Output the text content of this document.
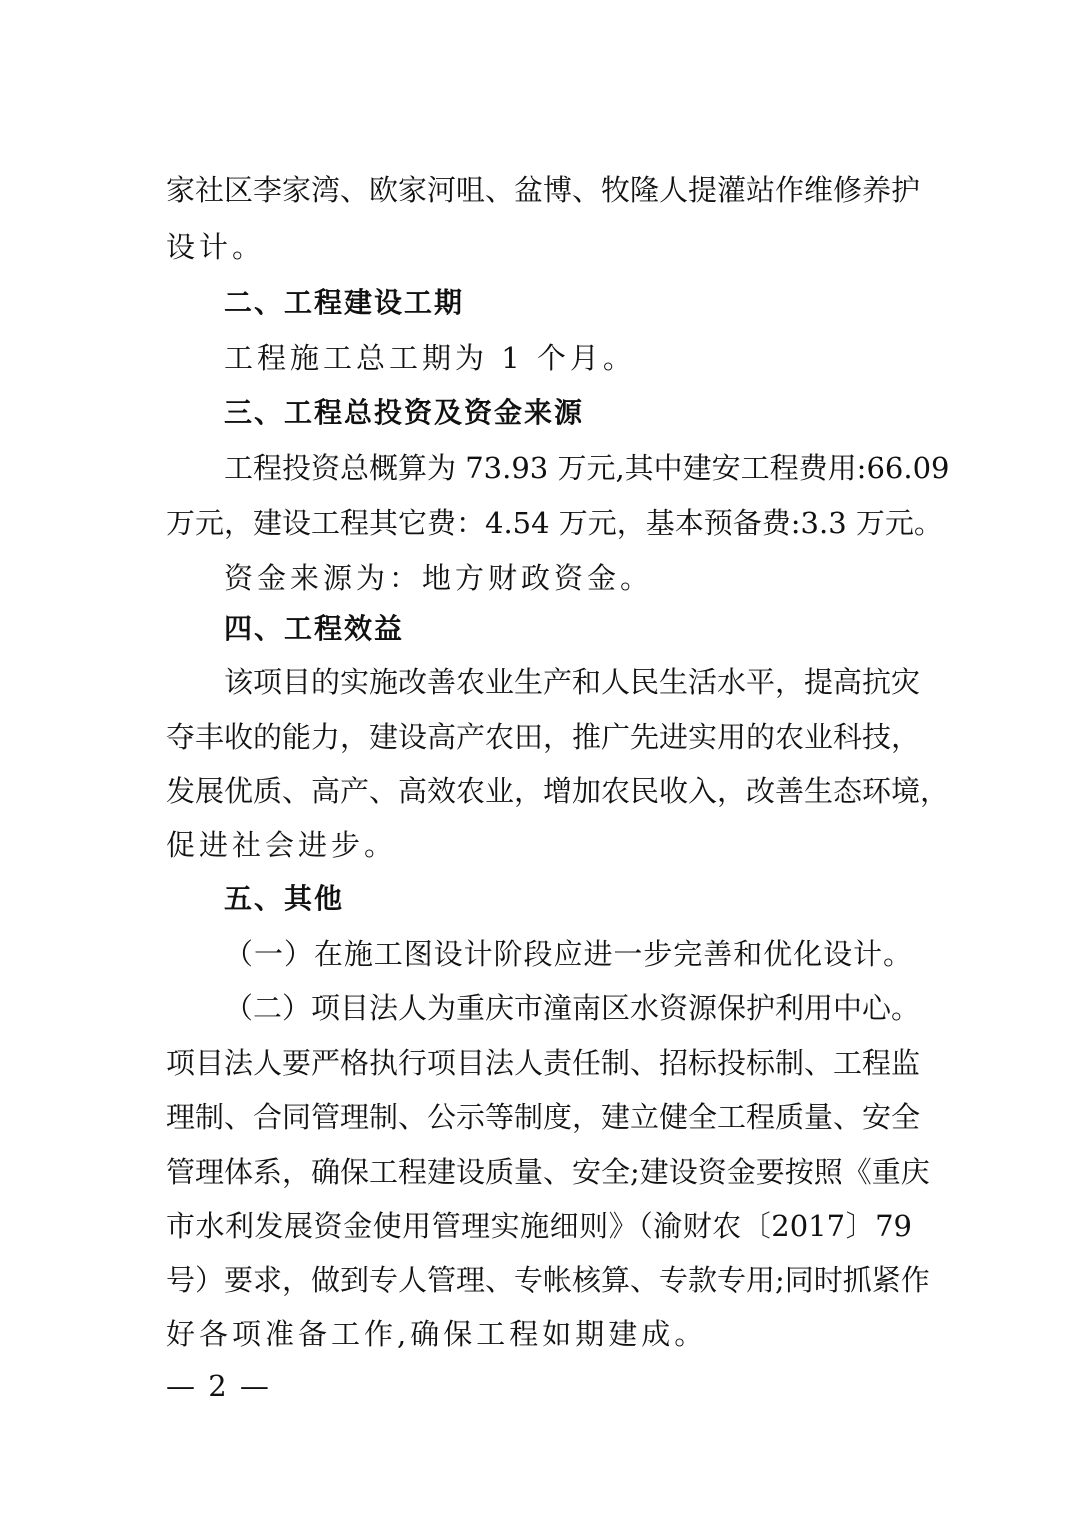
家社区李家湾、欧家河咀、盆博、牧隆人提灌站作维修养护
设计。
二、工程建设工期
工程施工总工期为 1 个月。
三、工程总投资及资金来源
工程投资总概算为 73.93 万元,其中建安工程费用:66.09
万元，建设工程其它费：4.54 万元，基本预备费:3.3 万元。
资金来源为：地方财政资金。
四、工程效益
该项目的实施改善农业生产和人民生活水平，提高抗灾
夺丰收的能力，建设高产农田，推广先进实用的农业科技，
发展优质、高产、高效农业，增加农民收入，改善生态环境，
促进社会进步。
五、其他
（一）在施工图设计阶段应进一步完善和优化设计。
（二）项目法人为重庆市潼南区水资源保护利用中心。
项目法人要严格执行项目法人责任制、招标投标制、工程监
理制、合同管理制、公示等制度，建立健全工程质量、安全
管理体系，确保工程建设质量、安全;建设资金要按照《重庆
市水利发展资金使用管理实施细则》（渝财农〔2017〕79
号）要求，做到专人管理、专帐核算、专款专用;同时抓紧作
好各项准备工作,确保工程如期建成。
— 2 —
